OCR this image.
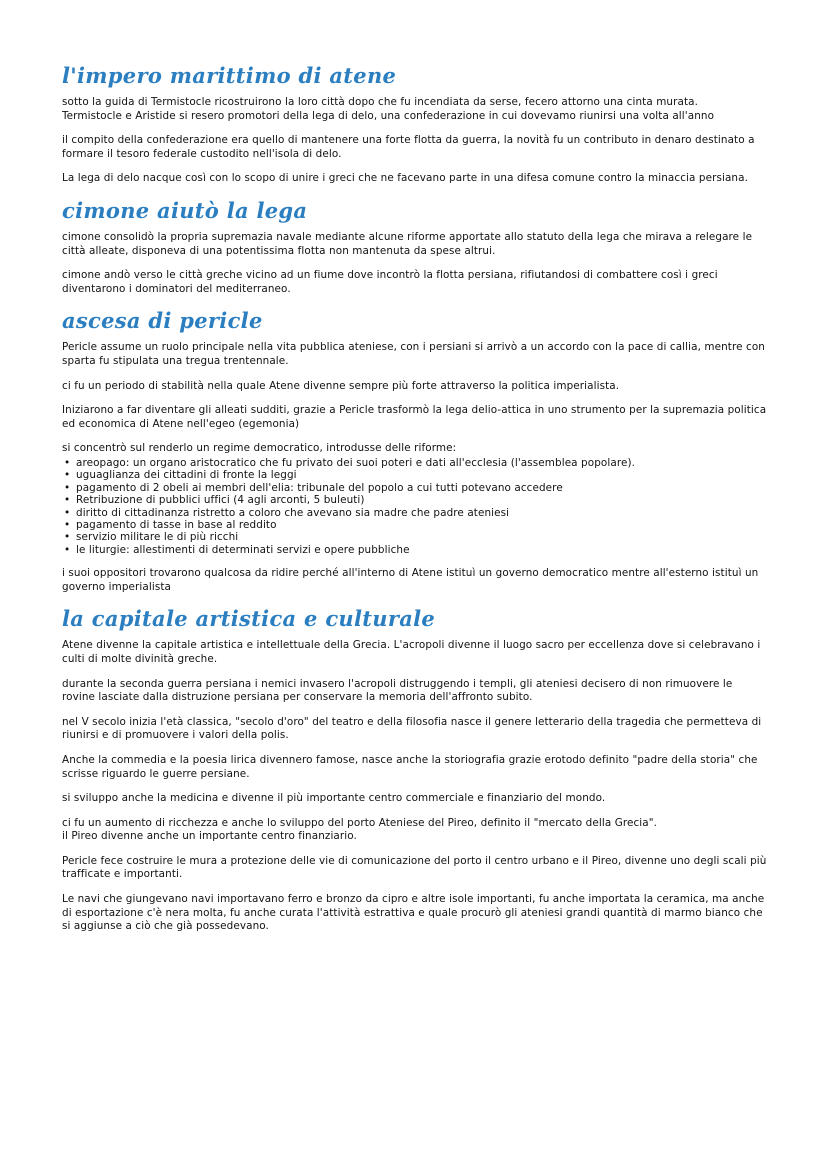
l'impero marittimo di atene

sotto la guida di Termistocle ricostruirono la loro città dopo che fu incendiata da serse, fecero attorno una cinta murata.
Termistocle e Aristide si resero promotori della lega di delo, una confederazione in cui dovevamo riunirsi una volta all'anno

il compito della confederazione era quello di mantenere una forte flotta da guerra, la novità fu un contributo in denaro destinato a formare il tesoro federale custodito nell'isola di delo.

La lega di delo nacque così con lo scopo di unire i greci che ne facevano parte in una difesa comune contro la minaccia persiana.

cimone aiutò la lega

cimone consolidò la propria supremazia navale mediante alcune riforme apportate allo statuto della lega che mirava a relegare le città alleate, disponeva di una potentissima flotta non mantenuta da spese altrui.

cimone andò verso le città greche vicino ad un fiume dove incontrò la flotta persiana, rifiutandosi di combattere così i greci diventarono i dominatori del mediterraneo.

ascesa di pericle

Pericle assume un ruolo principale nella vita pubblica ateniese, con i persiani si arrivò a un accordo con la pace di callia, mentre con sparta fu stipulata una tregua trentennale.

ci fu un periodo di stabilità nella quale Atene divenne sempre più forte attraverso la politica imperialista.

Iniziarono a far diventare gli alleati sudditi, grazie a Pericle trasformò la lega delio-attica in uno strumento per la supremazia politica ed economica di Atene nell'egeo (egemonia)

si concentrò sul renderlo un regime democratico, introdusse delle riforme:

• areopago: un organo aristocratico che fu privato dei suoi poteri e dati all'ecclesia (l'assemblea popolare).
• uguaglianza dei cittadini di fronte la leggi
• pagamento di 2 obeli ai membri dell'elia: tribunale del popolo a cui tutti potevano accedere
• Retribuzione di pubblici uffici (4 agli arconti, 5 buleuti)
• diritto di cittadinanza ristretto a coloro che avevano sia madre che padre ateniesi
• pagamento di tasse in base al reddito
• servizio militare le di più ricchi
• le liturgie: allestimenti di determinati servizi e opere pubbliche

i suoi oppositori trovarono qualcosa da ridire perché all'interno di Atene istituì un governo democratico mentre all'esterno istituì un governo imperialista

la capitale artistica e culturale

Atene divenne la capitale artistica e intellettuale della Grecia. L'acropoli divenne il luogo sacro per eccellenza dove si celebravano i culti di molte divinità greche.

durante la seconda guerra persiana i nemici invasero l'acropoli distruggendo i templi, gli ateniesi decisero di non rimuovere le rovine lasciate dalla distruzione persiana per conservare la memoria dell'affronto subito.

nel V secolo inizia l'età classica, "secolo d'oro" del teatro e della filosofia nasce il genere letterario della tragedia che permetteva di riunirsi e di promuovere i valori della polis.

Anche la commedia e la poesia lirica divennero famose, nasce anche la storiografia grazie erotodo definito "padre della storia" che scrisse riguardo le guerre persiane.

si sviluppo anche la medicina e divenne il più importante centro commerciale e finanziario del mondo.

ci fu un aumento di ricchezza e anche lo sviluppo del porto Ateniese del Pireo, definito il "mercato della Grecia".
il Pireo divenne anche un importante centro finanziario.

Pericle fece costruire le mura a protezione delle vie di comunicazione del porto il centro urbano e il Pireo, divenne uno degli scali più trafficate e importanti.

Le navi che giungevano navi importavano ferro e bronzo da cipro e altre isole importanti, fu anche importata la ceramica, ma anche di esportazione c'è nera molta, fu anche curata l'attività estrattiva e quale procurò gli ateniesi grandi quantità di marmo bianco che si aggiunse a ciò che già possedevano.
